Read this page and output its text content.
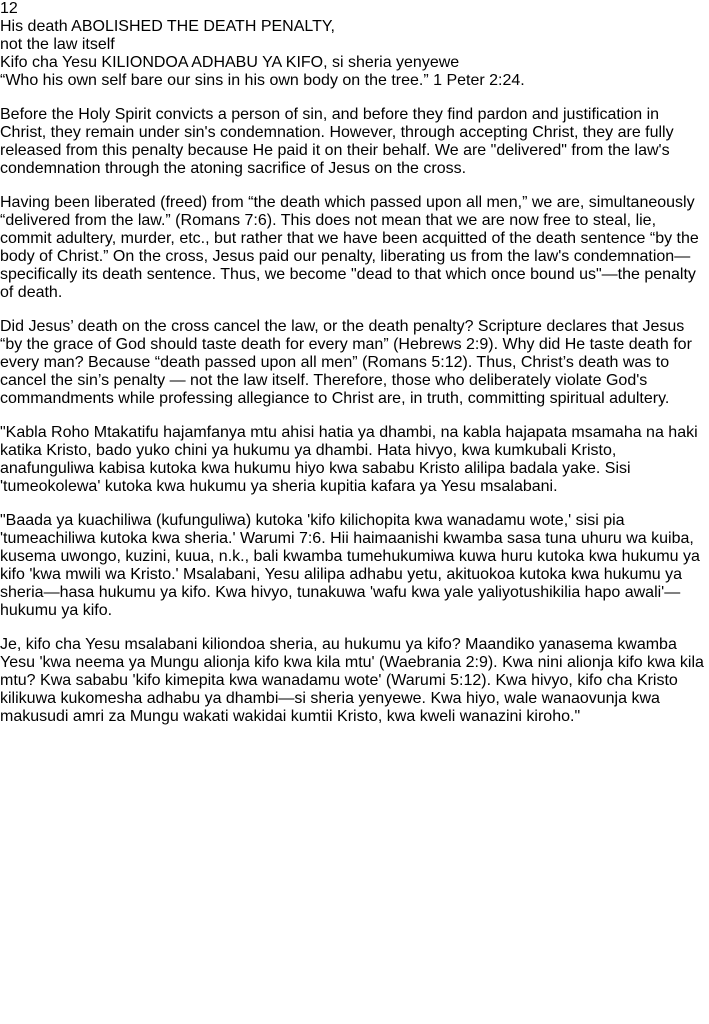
12
His death ABOLISHED THE DEATH PENALTY,
not the law itself
Kifo cha Yesu KILIONDOA ADHABU YA KIFO, si sheria yenyewe
“Who his own self bare our sins in his own body on the tree.” 1 Peter 2:24.

Before the Holy Spirit convicts a person of sin, and before they find pardon and justification in Christ, they remain under sin's condemnation. However, through accepting Christ, they are fully released from this penalty because He paid it on their behalf. We are "delivered" from the law's condemnation through the atoning sacrifice of Jesus on the cross.

Having been liberated (freed) from “the death which passed upon all men,” we are, simultaneously “delivered from the law.” (Romans 7:6). This does not mean that we are now free to steal, lie, commit adultery, murder, etc., but rather that we have been acquitted of the death sentence “by the body of Christ.” On the cross, Jesus paid our penalty, liberating us from the law's condemnation—specifically its death sentence. Thus, we become "dead to that which once bound us"—the penalty of death.

Did Jesus’ death on the cross cancel the law, or the death penalty? Scripture declares that Jesus “by the grace of God should taste death for every man” (Hebrews 2:9). Why did He taste death for every man? Because “death passed upon all men” (Romans 5:12). Thus, Christ’s death was to cancel the sin’s penalty — not the law itself. Therefore, those who deliberately violate God's commandments while professing allegiance to Christ are, in truth, committing spiritual adultery.

"Kabla Roho Mtakatifu hajamfanya mtu ahisi hatia ya dhambi, na kabla hajapata msamaha na haki katika Kristo, bado yuko chini ya hukumu ya dhambi. Hata hivyo, kwa kumkubali Kristo, anafunguliwa kabisa kutoka kwa hukumu hiyo kwa sababu Kristo alilipa badala yake. Sisi 'tumeokolewa' kutoka kwa hukumu ya sheria kupitia kafara ya Yesu msalabani.

"Baada ya kuachiliwa (kufunguliwa) kutoka 'kifo kilichopita kwa wanadamu wote,' sisi pia 'tumeachiliwa kutoka kwa sheria.' Warumi 7:6. Hii haimaanishi kwamba sasa tuna uhuru wa kuiba, kusema uwongo, kuzini, kuua, n.k., bali kwamba tumehukumiwa kuwa huru kutoka kwa hukumu ya kifo 'kwa mwili wa Kristo.' Msalabani, Yesu alilipa adhabu yetu, akituokoa kutoka kwa hukumu ya sheria—hasa hukumu ya kifo. Kwa hivyo, tunakuwa 'wafu kwa yale yaliyotushikilia hapo awali'—hukumu ya kifo.

Je, kifo cha Yesu msalabani kiliondoa sheria, au hukumu ya kifo? Maandiko yanasema kwamba Yesu 'kwa neema ya Mungu alionja kifo kwa kila mtu' (Waebrania 2:9). Kwa nini alionja kifo kwa kila mtu? Kwa sababu 'kifo kimepita kwa wanadamu wote' (Warumi 5:12). Kwa hivyo, kifo cha Kristo kilikuwa kukomesha adhabu ya dhambi—si sheria yenyewe. Kwa hiyo, wale wanaovunja kwa makusudi amri za Mungu wakati wakidai kumtii Kristo, kwa kweli wanazini kiroho."
